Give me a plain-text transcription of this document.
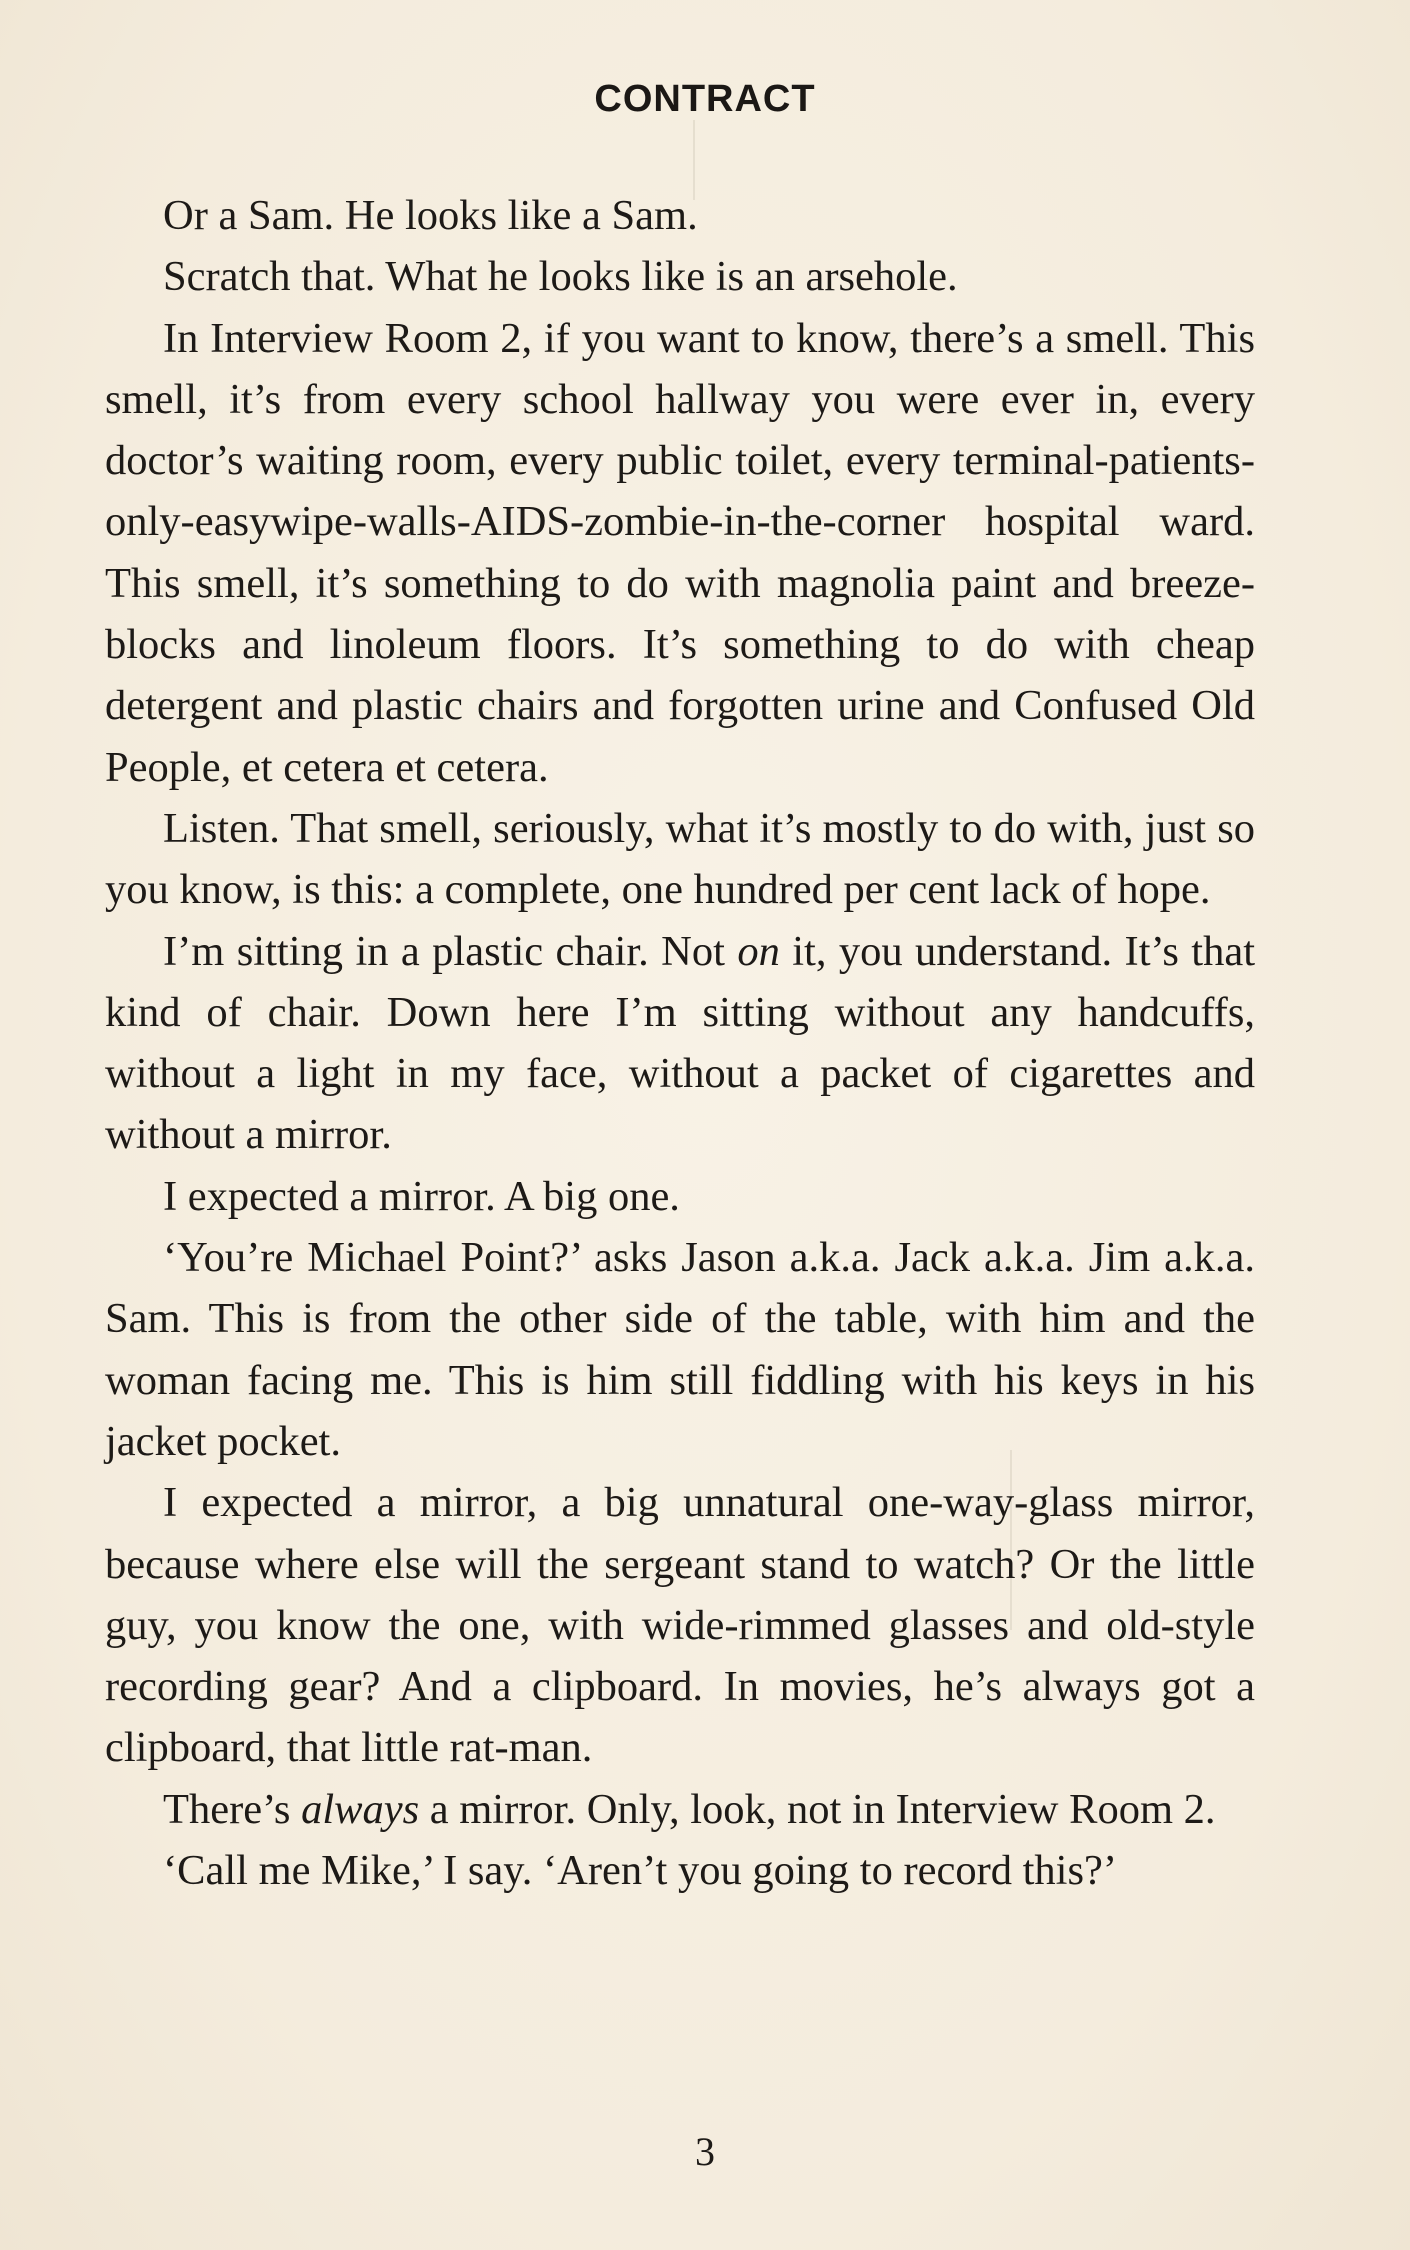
CONTRACT

Or a Sam. He looks like a Sam.

Scratch that. What he looks like is an arsehole.

In Interview Room 2, if you want to know, there’s a smell. This smell, it’s from every school hallway you were ever in, every doctor’s waiting room, every public toilet, every terminal-patients-only-easywipe-walls-AIDS-zombie-in-the-corner hospital ward. This smell, it’s something to do with magnolia paint and breeze-blocks and linoleum floors. It’s something to do with cheap detergent and plastic chairs and forgotten urine and Confused Old People, et cetera et cetera.

Listen. That smell, seriously, what it’s mostly to do with, just so you know, is this: a complete, one hundred per cent lack of hope.

I’m sitting in a plastic chair. Not on it, you understand. It’s that kind of chair. Down here I’m sitting without any handcuffs, without a light in my face, without a packet of cigarettes and without a mirror.

I expected a mirror. A big one.

‘You’re Michael Point?’ asks Jason a.k.a. Jack a.k.a. Jim a.k.a. Sam. This is from the other side of the table, with him and the woman facing me. This is him still fiddling with his keys in his jacket pocket.

I expected a mirror, a big unnatural one-way-glass mirror, because where else will the sergeant stand to watch? Or the little guy, you know the one, with wide-rimmed glasses and old-style recording gear? And a clipboard. In movies, he’s always got a clipboard, that little rat-man.

There’s always a mirror. Only, look, not in Interview Room 2.

‘Call me Mike,’ I say. ‘Aren’t you going to record this?’

3
